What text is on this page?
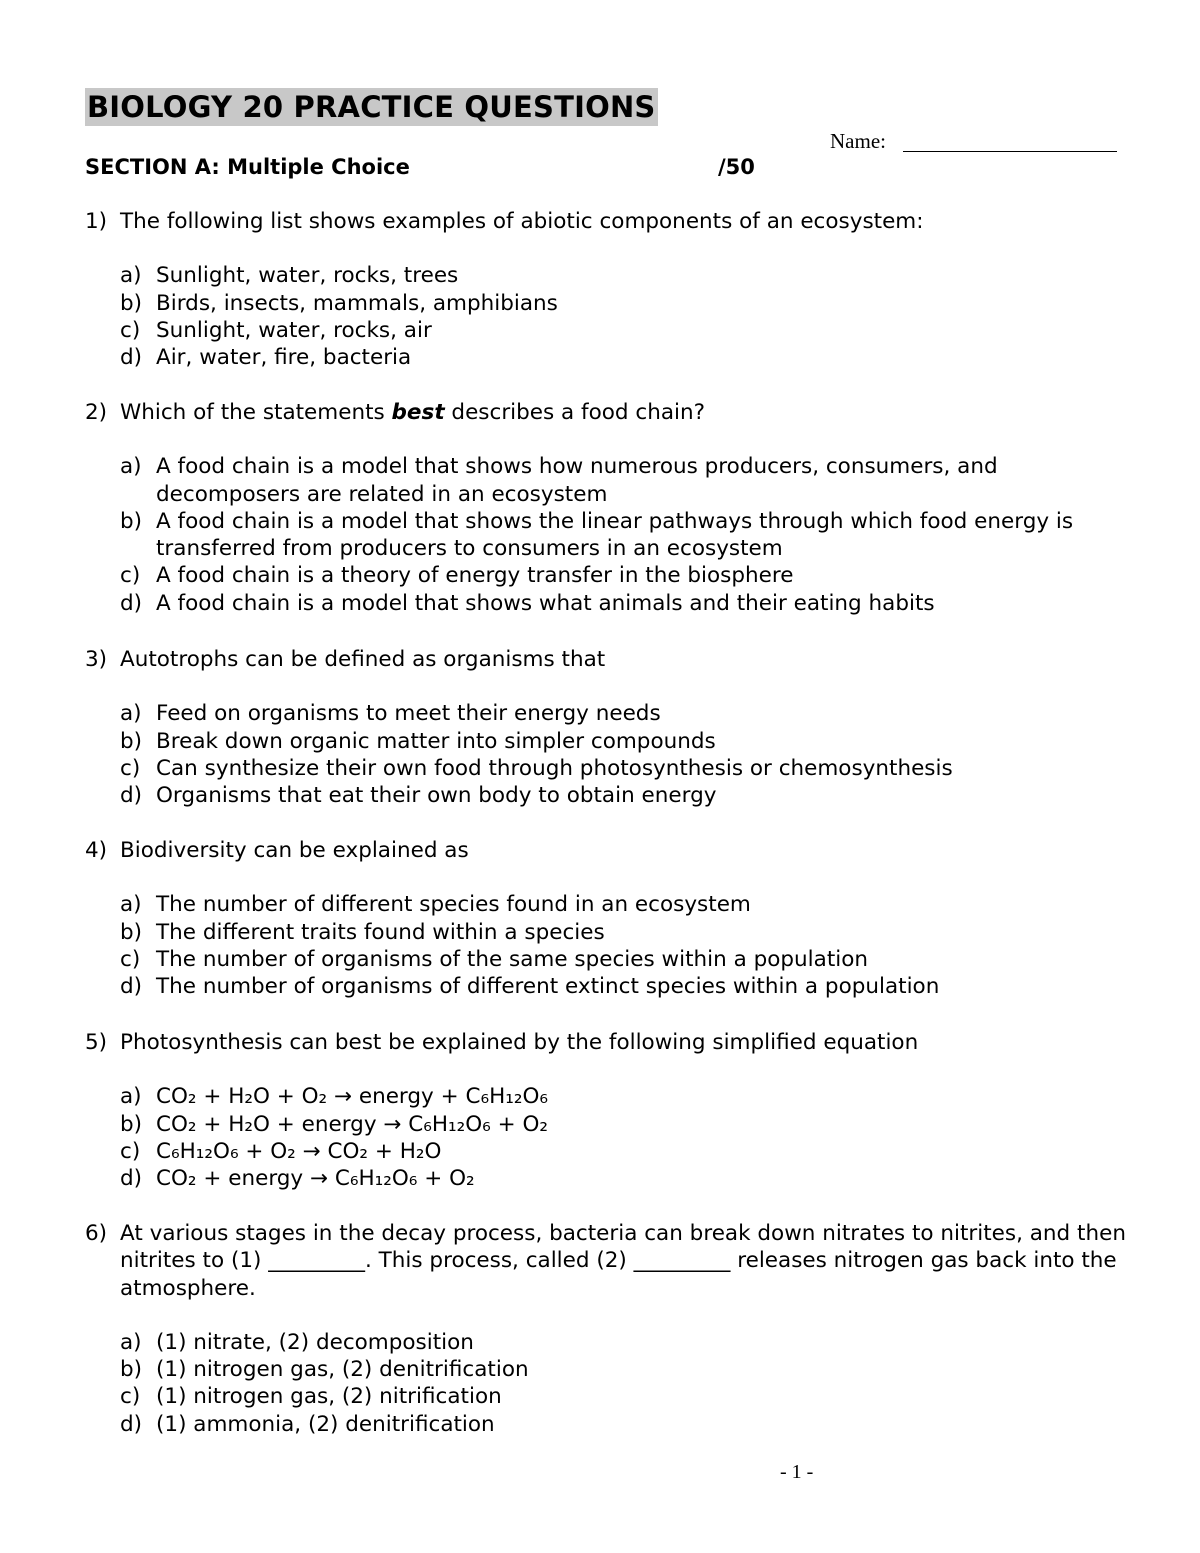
BIOLOGY 20 PRACTICE QUESTIONS
Name:
SECTION A: Multiple Choice	/50
1) The following list shows examples of abiotic components of an ecosystem:
a) Sunlight, water, rocks, trees
b) Birds, insects, mammals, amphibians
c) Sunlight, water, rocks, air
d) Air, water, fire, bacteria
2) Which of the statements best describes a food chain?
a) A food chain is a model that shows how numerous producers, consumers, and decomposers are related in an ecosystem
b) A food chain is a model that shows the linear pathways through which food energy is transferred from producers to consumers in an ecosystem
c) A food chain is a theory of energy transfer in the biosphere
d) A food chain is a model that shows what animals and their eating habits
3) Autotrophs can be defined as organisms that
a) Feed on organisms to meet their energy needs
b) Break down organic matter into simpler compounds
c) Can synthesize their own food through photosynthesis or chemosynthesis
d) Organisms that eat their own body to obtain energy
4) Biodiversity can be explained as
a) The number of different species found in an ecosystem
b) The different traits found within a species
c) The number of organisms of the same species within a population
d) The number of organisms of different extinct species within a population
5) Photosynthesis can best be explained by the following simplified equation
a) CO₂ + H₂O + O₂ → energy + C₆H₁₂O₆
b) CO₂ + H₂O + energy → C₆H₁₂O₆ + O₂
c) C₆H₁₂O₆ + O₂ → CO₂ + H₂O
d) CO₂ + energy → C₆H₁₂O₆ + O₂
6) At various stages in the decay process, bacteria can break down nitrates to nitrites, and then nitrites to (1) _________. This process, called (2) _________ releases nitrogen gas back into the atmosphere.
a) (1) nitrate, (2) decomposition
b) (1) nitrogen gas, (2) denitrification
c) (1) nitrogen gas, (2) nitrification
d) (1) ammonia, (2) denitrification
- 1 -
